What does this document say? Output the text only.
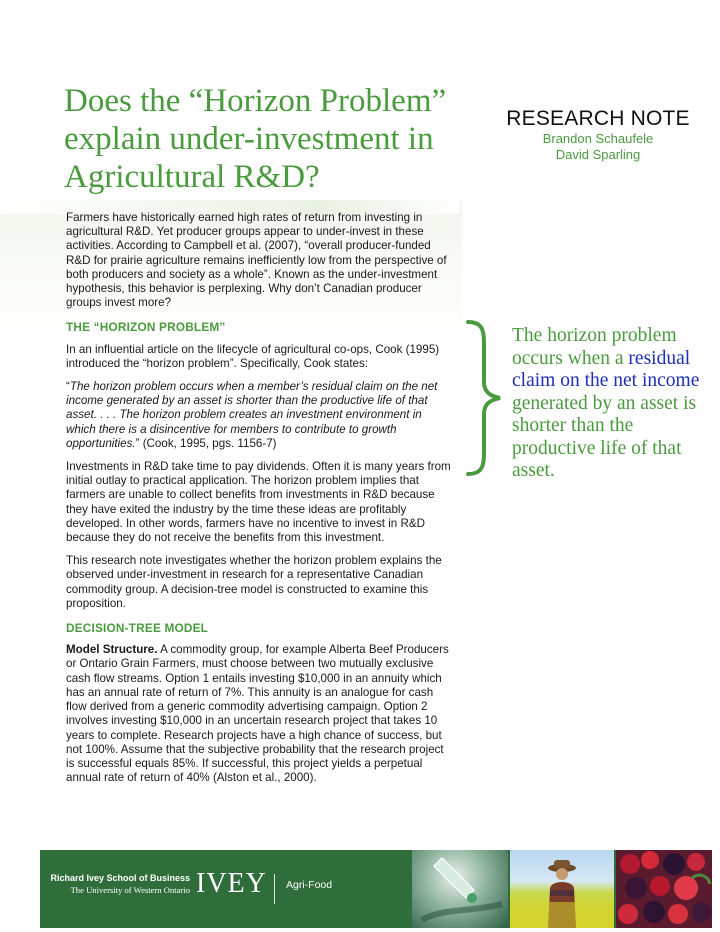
Does the “Horizon Problem”
explain under-investment in
Agricultural R&D?
RESEARCH NOTE
Brandon Schaufele
David Sparling

Farmers have historically earned high rates of return from investing in agricultural R&D. Yet producer groups appear to under-invest in these activities. According to Campbell et al. (2007), “overall producer-funded R&D for prairie agriculture remains inefficiently low from the perspective of both producers and society as a whole”. Known as the under-investment hypothesis, this behavior is perplexing. Why don’t Canadian producer groups invest more?

THE “HORIZON PROBLEM”

In an influential article on the lifecycle of agricultural co-ops, Cook (1995) introduced the “horizon problem”. Specifically, Cook states:

“The horizon problem occurs when a member’s residual claim on the net income generated by an asset is shorter than the productive life of that asset. . . . The horizon problem creates an investment environment in which there is a disincentive for members to contribute to growth opportunities.” (Cook, 1995, pgs. 1156-7)

Investments in R&D take time to pay dividends. Often it is many years from initial outlay to practical application. The horizon problem implies that farmers are unable to collect benefits from investments in R&D because they have exited the industry by the time these ideas are profitably developed. In other words, farmers have no incentive to invest in R&D because they do not receive the benefits from this investment.

This research note investigates whether the horizon problem explains the observed under-investment in research for a representative Canadian commodity group. A decision-tree model is constructed to examine this proposition.

DECISION-TREE MODEL

Model Structure. A commodity group, for example Alberta Beef Producers or Ontario Grain Farmers, must choose between two mutually exclusive cash flow streams. Option 1 entails investing $10,000 in an annuity which has an annual rate of return of 7%. This annuity is an analogue for cash flow derived from a generic commodity advertising campaign. Option 2 involves investing $10,000 in an uncertain research project that takes 10 years to complete. Research projects have a high chance of success, but not 100%. Assume that the subjective probability that the research project is successful equals 85%. If successful, this project yields a perpetual annual rate of return of 40% (Alston et al., 2000).

The horizon problem occurs when a residual claim on the net income generated by an asset is shorter than the productive life of that asset.
Richard Ivey School of Business
The University of Western Ontario IVEY Agri-Food
